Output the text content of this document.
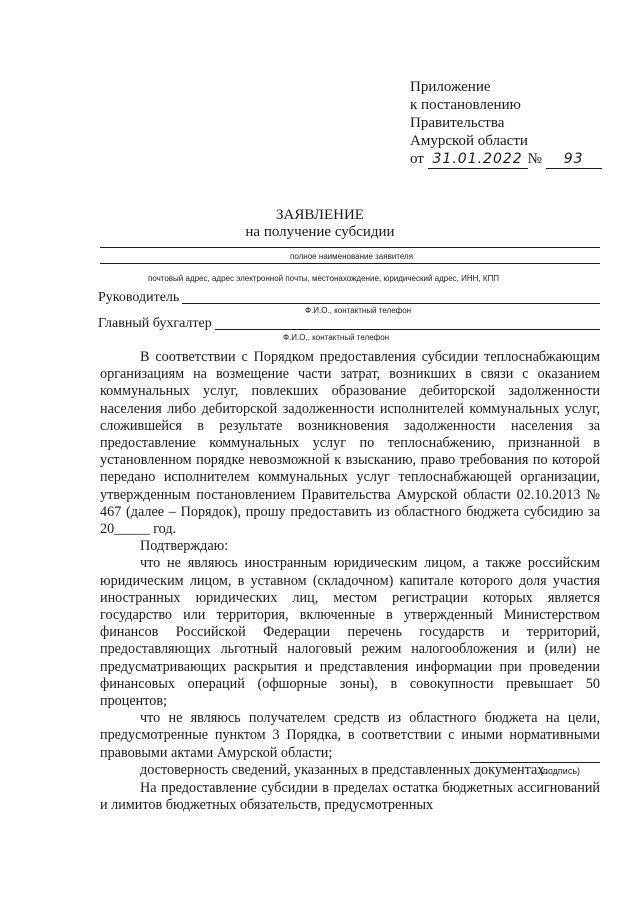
Приложение
к постановлению
Правительства
Амурской области
от 31.01.2022 № 93
ЗАЯВЛЕНИЕ
на получение субсидии
полное наименование заявителя
почтовый адрес, адрес электронной почты, местонахождение, юридический адрес, ИНН, КПП
Руководитель
Ф.И.О., контактный телефон
Главный бухгалтер
Ф.И.О., контактный телефон

В соответствии с Порядком предоставления субсидии теплоснабжающим организациям на возмещение части затрат, возникших в связи с оказанием коммунальных услуг, повлекших образование дебиторской задолженности населения либо дебиторской задолженности исполнителей коммунальных услуг, сложившейся в результате возникновения задолженности населения за предоставление коммунальных услуг по теплоснабжению, признанной в установленном порядке невозможной к взысканию, право требования по которой передано исполнителем коммунальных услуг теплоснабжающей организации, утвержденным постановлением Правительства Амурской области 02.10.2013 № 467 (далее – Порядок), прошу предоставить из областного бюджета субсидию за 20_____ год.

Подтверждаю:

что не являюсь иностранным юридическим лицом, а также российским юридическим лицом, в уставном (складочном) капитале которого доля участия иностранных юридических лиц, местом регистрации которых является государство или территория, включенные в утвержденный Министерством финансов Российской Федерации перечень государств и территорий, предоставляющих льготный налоговый режим налогообложения и (или) не предусматривающих раскрытия и представления информации при проведении финансовых операций (офшорные зоны), в совокупности превышает 50 процентов;

что не являюсь получателем средств из областного бюджета на цели, предусмотренные пунктом 3 Порядка, в соответствии с иными нормативными правовыми актами Амурской области;

достоверность сведений, указанных в представленных документах.

(подпись)

На предоставление субсидии в пределах остатка бюджетных ассигнований и лимитов бюджетных обязательств, предусмотренных
